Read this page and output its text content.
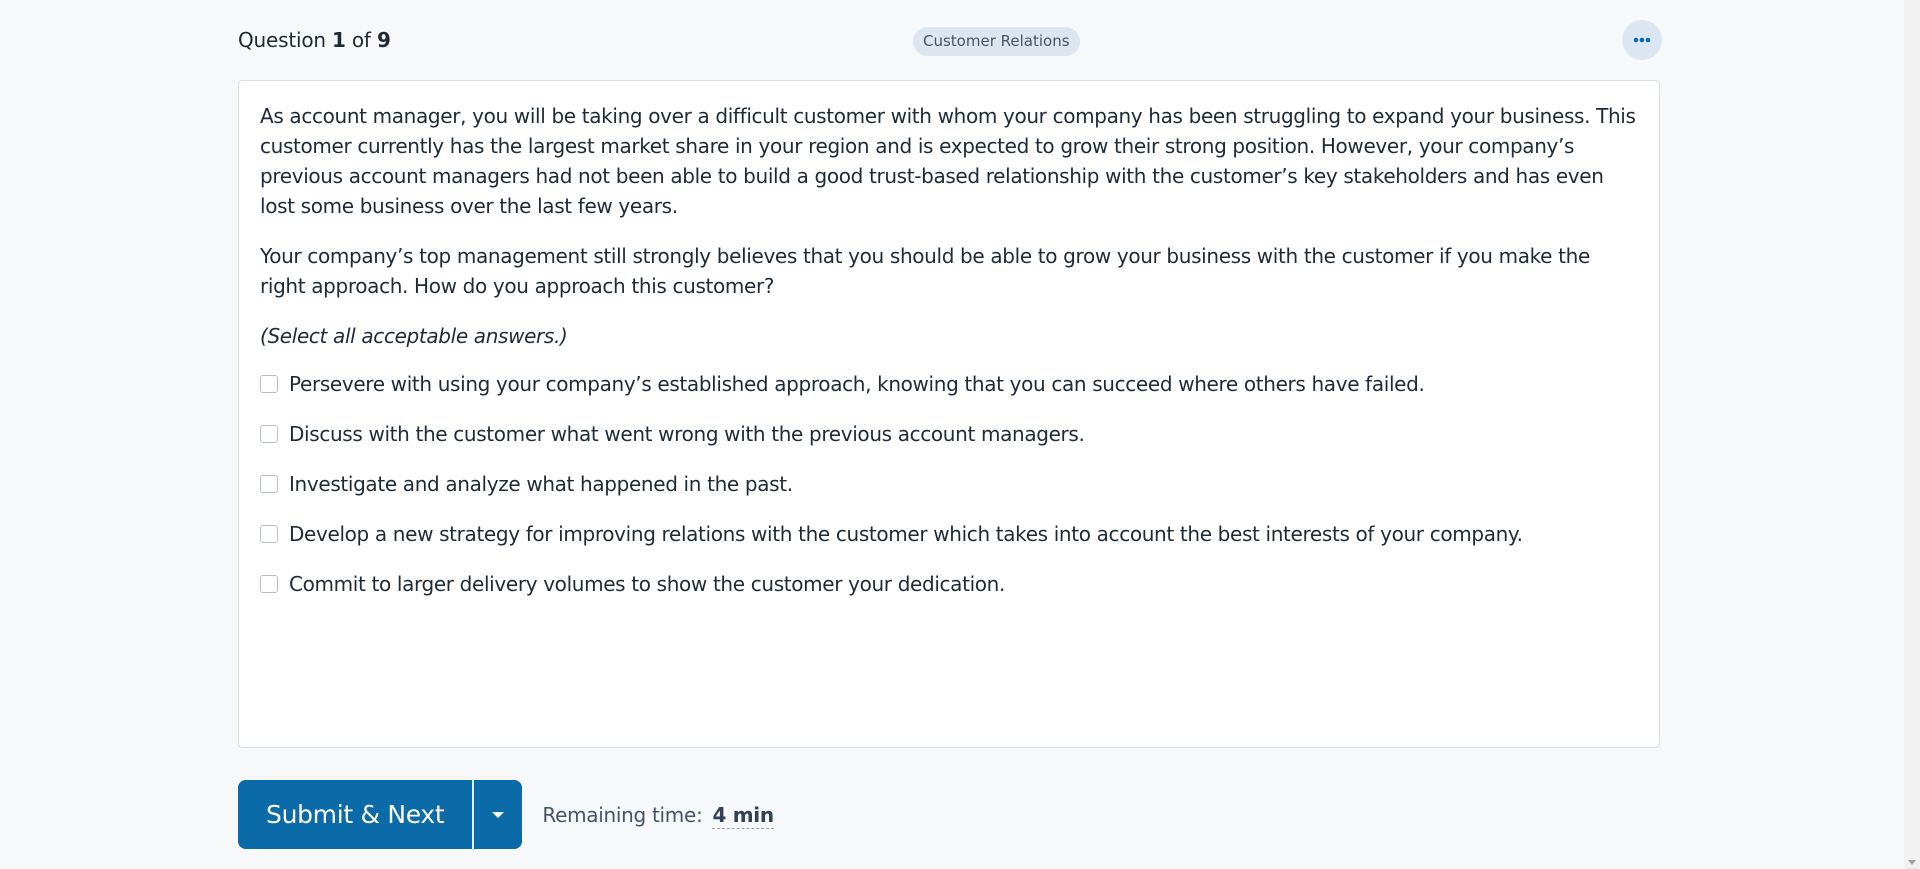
Question 1 of 9	Customer Relations

As account manager, you will be taking over a difficult customer with whom your company has been struggling to expand your business. This customer currently has the largest market share in your region and is expected to grow their strong position. However, your company’s previous account managers had not been able to build a good trust-based relationship with the customer’s key stakeholders and has even lost some business over the last few years.

Your company’s top management still strongly believes that you should be able to grow your business with the customer if you make the right approach. How do you approach this customer?

(Select all acceptable answers.)

Persevere with using your company’s established approach, knowing that you can succeed where others have failed.
Discuss with the customer what went wrong with the previous account managers.
Investigate and analyze what happened in the past.
Develop a new strategy for improving relations with the customer which takes into account the best interests of your company.
Commit to larger delivery volumes to show the customer your dedication.
Submit & Next	Remaining time: 4 min
